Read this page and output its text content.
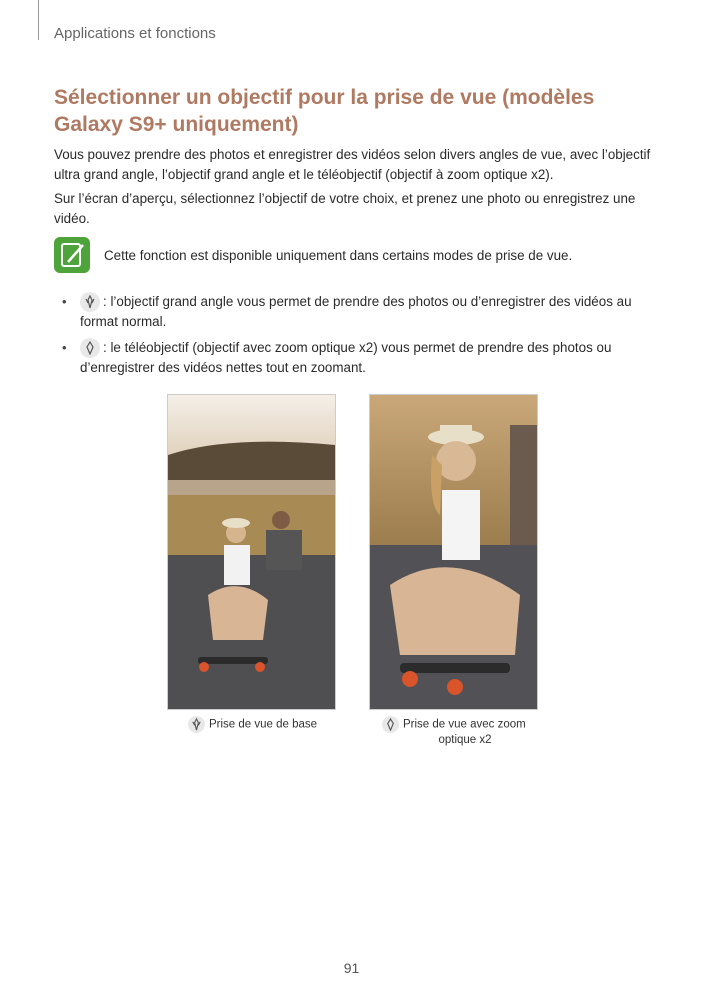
Applications et fonctions
Sélectionner un objectif pour la prise de vue (modèles Galaxy S9+ uniquement)
Vous pouvez prendre des photos et enregistrer des vidéos selon divers angles de vue, avec l’objectif ultra grand angle, l’objectif grand angle et le téléobjectif (objectif à zoom optique x2).
Sur l’écran d’aperçu, sélectionnez l’objectif de votre choix, et prenez une photo ou enregistrez une vidéo.
Cette fonction est disponible uniquement dans certains modes de prise de vue.
•	: l’objectif grand angle vous permet de prendre des photos ou d’enregistrer des vidéos au format normal.
•	: le téléobjectif (objectif avec zoom optique x2) vous permet de prendre des photos ou d’enregistrer des vidéos nettes tout en zoomant.
Prise de vue de base	Prise de vue avec zoom
optique x2
91
